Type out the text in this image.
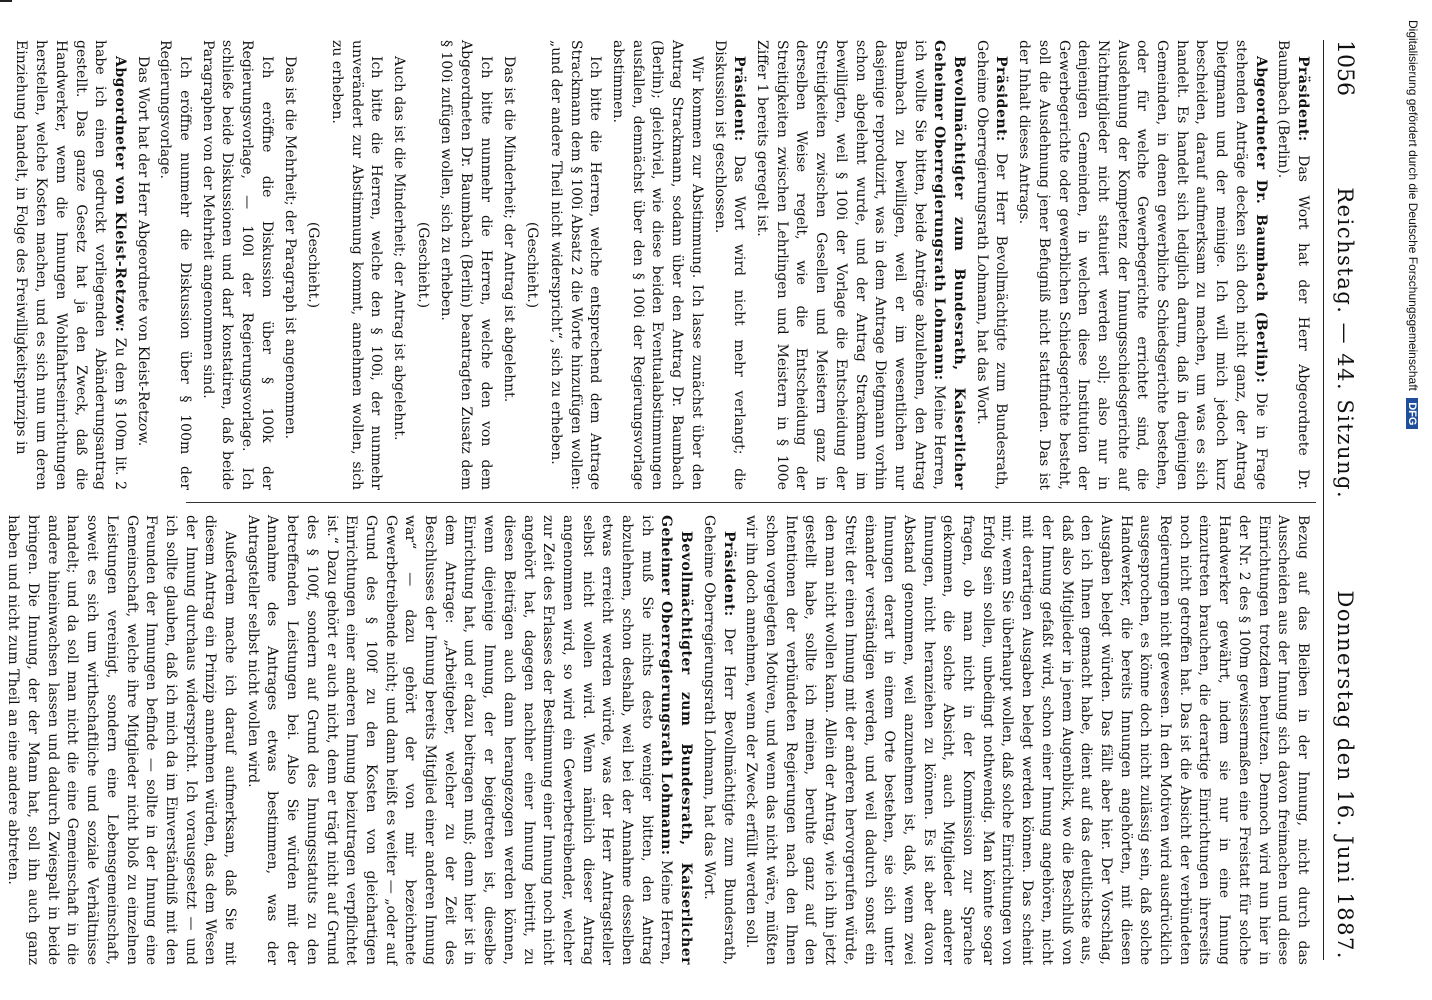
1056
Reichstag. — 44. Sitzung.
Donnerstag den 16. Juni 1887.

Präsident: Das Wort hat der Herr Abgeordnete Dr. Baumbach (Berlin).

Abgeordneter Dr. Baumbach (Berlin): Die in Frage stehenden Anträge decken sich doch nicht ganz, der Antrag Dietgmann und der meinige. Ich will mich jedoch kurz bescheiden, darauf aufmerksam zu machen, um was es sich handelt. Es handelt sich lediglich darum, daß in denjenigen Gemeinden, in denen gewerbliche Schiedsgerichte bestehen, oder für welche Gewerbegerichte errichtet sind, die Ausdehnung der Kompetenz der Innungsschiedsgerichte auf Nichtmitglieder nicht statuiert werden soll; also nur in denjenigen Gemeinden, in welchen diese Institution der Gewerbegerichte oder gewerblichen Schiedsgerichte besteht, soll die Ausdehnung jener Befugniß nicht stattfinden. Das ist der Inhalt dieses Antrags.

Präsident: Der Herr Bevollmächtigte zum Bundesrath, Geheime Oberregierungsrath Lohmann, hat das Wort.

Bevollmächtigter zum Bundesrath, Kaiserlicher Geheimer Oberregierungsrath Lohmann: Meine Herren, ich wollte Sie bitten, beide Anträge abzulehnen, den Antrag Baumbach zu bewilligen, weil er im wesentlichen nur dasjenige reproduzirt, was in dem Antrage Dietgmann vorhin schon abgelehnt wurde, und der Antrag Strackmann im bewilligten, weil § 100i der Vorlage die Entscheidung der Streitigkeiten zwischen Gesellen und Meistern ganz in derselben Weise regelt, wie die Entscheidung der Streitigkeiten zwischen Lehrlingen und Meistern in § 100e Ziffer 1 bereits geregelt ist.

Präsident: Das Wort wird nicht mehr verlangt; die Diskussion ist geschlossen.

Wir kommen zur Abstimmung. Ich lasse zunächst über den Antrag Strackmann, sodann über den Antrag Dr. Baumbach (Berlin); gleichviel, wie diese beiden Eventualabstimmungen ausfallen, demnächst über den § 100i der Regierungsvorlage abstimmen.

Ich bitte die Herren, welche entsprechend dem Antrage Strackmann dem § 100i Absatz 2 die Worte hinzufügen wollen: „und der andere Theil nicht widerspricht“, sich zu erheben.

(Geschieht.)

Das ist die Minderheit; der Antrag ist abgelehnt.

Ich bitte nunmehr die Herren, welche den von dem Abgeordneten Dr. Baumbach (Berlin) beantragten Zusatz dem § 100i zufügen wollen, sich zu erheben.

(Geschieht.)

Auch das ist die Minderheit; der Antrag ist abgelehnt.

Ich bitte die Herren, welche den § 100i, der nunmehr unverändert zur Abstimmung kommt, annehmen wollen, sich zu erheben.

(Geschieht.)

Das ist die Mehrheit; der Paragraph ist angenommen.

Ich eröffne die Diskussion über § 100k der Regierungsvorlage, — 100l der Regierungsvorlage. Ich schließe beide Diskussionen und darf konstatiren, daß beide Paragraphen von der Mehrheit angenommen sind.

Ich eröffne nunmehr die Diskussion über § 100m der Regierungsvorlage.

Das Wort hat der Herr Abgeordnete von Kleist-Retzow.

Abgeordneter von Kleist-Retzow: Zu dem § 100m lit. 2 habe ich einen gedruckt vorliegenden Abänderungsantrag gestellt. Das ganze Gesetz hat ja den Zweck, daß die Handwerker, wenn die Innungen Wohlfahrtseinrichtungen herstellen, welche Kosten machen, und es sich nun um deren Einziehung handelt, in Folge des Freiwilligkeitsprinzips in

Bezug auf das Bleiben in der Innung, nicht durch das Ausscheiden aus der Innung sich davon freimachen und diese Einrichtungen trotzdem benutzen. Dennoch wird nun hier in der Nr. 2 des § 100m gewissermaßen eine Freistatt für solche Handwerker gewährt, indem sie nur in eine Innung einzutreten brauchen, die derartige Einrichtungen ihrerseits noch nicht getroffen hat. Das ist die Absicht der verbündeten Regierungen nicht gewesen. In den Motiven wird ausdrücklich ausgesprochen, es könne doch nicht zulässig sein, daß solche Handwerker, die bereits Innungen angehörten, mit diesen Ausgaben belegt würden. Das fällt aber hier. Der Vorschlag, den ich Ihnen gemacht habe, dient auf das deutlichste aus, daß also Mitglieder in jenem Augenblick, wo die Beschluß von der Innung gefaßt wird, schon einer Innung angehören, nicht mit derartigen Ausgaben belegt werden können. Das scheint mir, wenn Sie überhaupt wollen, daß solche Einrichtungen von Erfolg sein sollen, unbedingt nothwendig. Man könnte sogar fragen, ob man nicht in der Kommission zur Sprache gekommen, die solche Absicht, auch Mitglieder anderer Innungen, nicht heranziehen zu können. Es ist aber davon Abstand genommen, weil anzunehmen ist, daß, wenn zwei Innungen derart in einem Orte bestehen, sie sich unter einander verständigen werden, und weil dadurch sonst ein Streit der einen Innung mit der anderen hervorgerufen würde, den man nicht wollen kann. Allein der Antrag, wie ich ihn jetzt gestellt habe, sollte ich meinen, beruhte ganz auf den Intentionen der verbündeten Regierungen nach den Ihnen schon vorgelegten Motiven, und wenn das nicht wäre, müßten wir ihn doch annehmen, wenn der Zweck erfüllt werden soll.

Präsident: Der Herr Bevollmächtigte zum Bundesrath, Geheime Oberregierungsrath Lohmann, hat das Wort.

Bevollmächtigter zum Bundesrath, Kaiserlicher Geheimer Oberregierungsrath Lohmann: Meine Herren, ich muß Sie nichts desto weniger bitten, den Antrag abzulehnen, schon deshalb, weil bei der Annahme desselben etwas erreicht werden würde, was der Herr Antragsteller selbst nicht wollen wird. Wenn nämlich dieser Antrag angenommen wird, so wird ein Gewerbetreibender, welcher zur Zeit des Erlasses der Bestimmung einer Innung noch nicht angehört hat, dagegen nachher einer Innung beitritt, zu diesen Beiträgen auch dann herangezogen werden können, wenn diejenige Innung, der er beigetreten ist, dieselbe Einrichtung hat, und er dazu beitragen muß; denn hier ist in dem Antrage: „Arbeitgeber, welcher zu der Zeit des Beschlusses der Innung bereits Mitglied einer anderen Innung war“ — dazu gehört der von mir bezeichnete Gewerbetreibende nicht; und dann heißt es weiter — „oder auf Grund des § 100f zu den Kosten von gleichartigen Einrichtungen einer anderen Innung beizutragen verpflichtet ist.“ Dazu gehört er auch nicht, denn er trägt nicht auf Grund des § 100f, sondern auf Grund des Innungsstatuts zu den betreffenden Leistungen bei. Also Sie würden mit der Annahme des Antrages etwas bestimmen, was der Antragsteller selbst nicht wollen wird.

Außerdem mache ich darauf aufmerksam, daß Sie mit diesem Antrag ein Prinzip annehmen würden, das dem Wesen der Innung durchaus widerspricht. Ich vorausgesetzt — und ich sollte glauben, daß ich mich da im Einverständniß mit den Freunden der Innungen befinde — sollte in der Innung eine Gemeinschaft, welche ihre Mitglieder nicht bloß zu einzelnen Leistungen vereinigt, sondern eine Lebensgemeinschaft, soweit es sich um wirthschaftliche und soziale Verhältnisse handelt; und da soll man nicht die eine Gemeinschaft in die andere hineinwachsen lassen und dadurch Zwiespalt in beide bringen. Die Innung, der der Mann hat, soll ihn auch ganz haben und nicht zum Theil an eine andere abtreten.

Digitalisierung gefördert durch die Deutsche Forschungsgemeinschaft DFG
